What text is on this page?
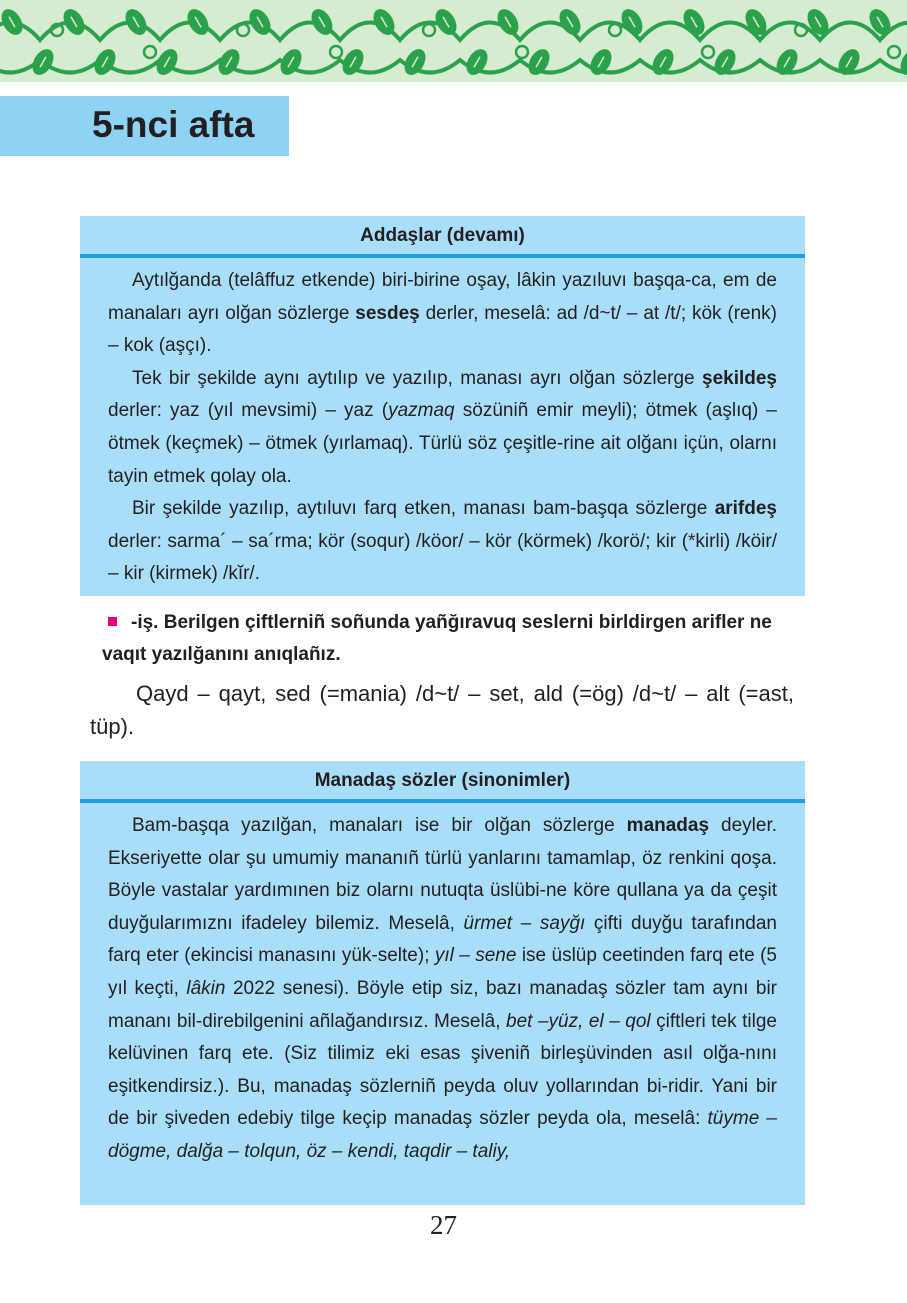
5-nci afta
Addaşlar (devamı)

Aytılğanda (telâffuz etkende) biri-birine oşay, lâkin yazıluvı başqa-ca, em de manaları ayrı olğan sözlerge sesdeş derler, meselâ: ad /d~t/ – at /t/; kök (renk) – kok (aşçı).

Tek bir şekilde aynı aytılıp ve yazılıp, manası ayrı olğan sözlerge şekildeş derler: yaz (yıl mevsimi) – yaz (yazmaq sözüniñ emir meyli); ötmek (aşlıq) – ötmek (keçmek) – ötmek (yırlamaq). Türlü söz çeşitle-rine ait olğanı içün, olarnı tayin etmek qolay ola.

Bir şekilde yazılıp, aytıluvı farq etken, manası bam-başqa sözlerge arifdeş derler: sarma´ – sa´rma; kör (soqur) /köor/ – kör (körmek) /korö/; kir (*kirli) /köir/ – kir (kirmek) /kĭr/.

-iş. Berilgen çiftlerniñ soñunda yañğıravuq seslerni birldirgen arifler ne vaqıt yazılğanını anıqlañız.

Qayd – qayt, sed (=mania) /d~t/ – set, ald (=ög) /d~t/ – alt (=ast, tüp).

Manadaş sözler (sinonimler)

Bam-başqa yazılğan, manaları ise bir olğan sözlerge manadaş deyler. Ekseriyette olar şu umumiy mananıñ türlü yanlarını tamamlap, öz renkini qoşa. Böyle vastalar yardımınen biz olarnı nutuqta üslübi-ne köre qullana ya da çeşit duyğularımıznı ifadeley bilemiz. Meselâ, ürmet – sayğı çifti duyğu tarafından farq eter (ekincisi manasını yük-selte); yıl – sene ise üslüp ceetinden farq ete (5 yıl keçti, lâkin 2022 senesi). Böyle etip siz, bazı manadaş sözler tam aynı bir mananı bil-direbilgenini añlağandırsız. Meselâ, bet –yüz, el – qol çiftleri tek tilge kelüvinen farq ete. (Siz tilimiz eki esas şiveniñ birleşüvinden asıl olğa-nını eşitkendirsiz.). Bu, manadaş sözlerniñ peyda oluv yollarından bi-ridir. Yani bir de bir şiveden edebiy tilge keçip manadaş sözler peyda ola, meselâ: tüyme –dögme, dalğa – tolqun, öz – kendi, taqdir – taliy,

27
